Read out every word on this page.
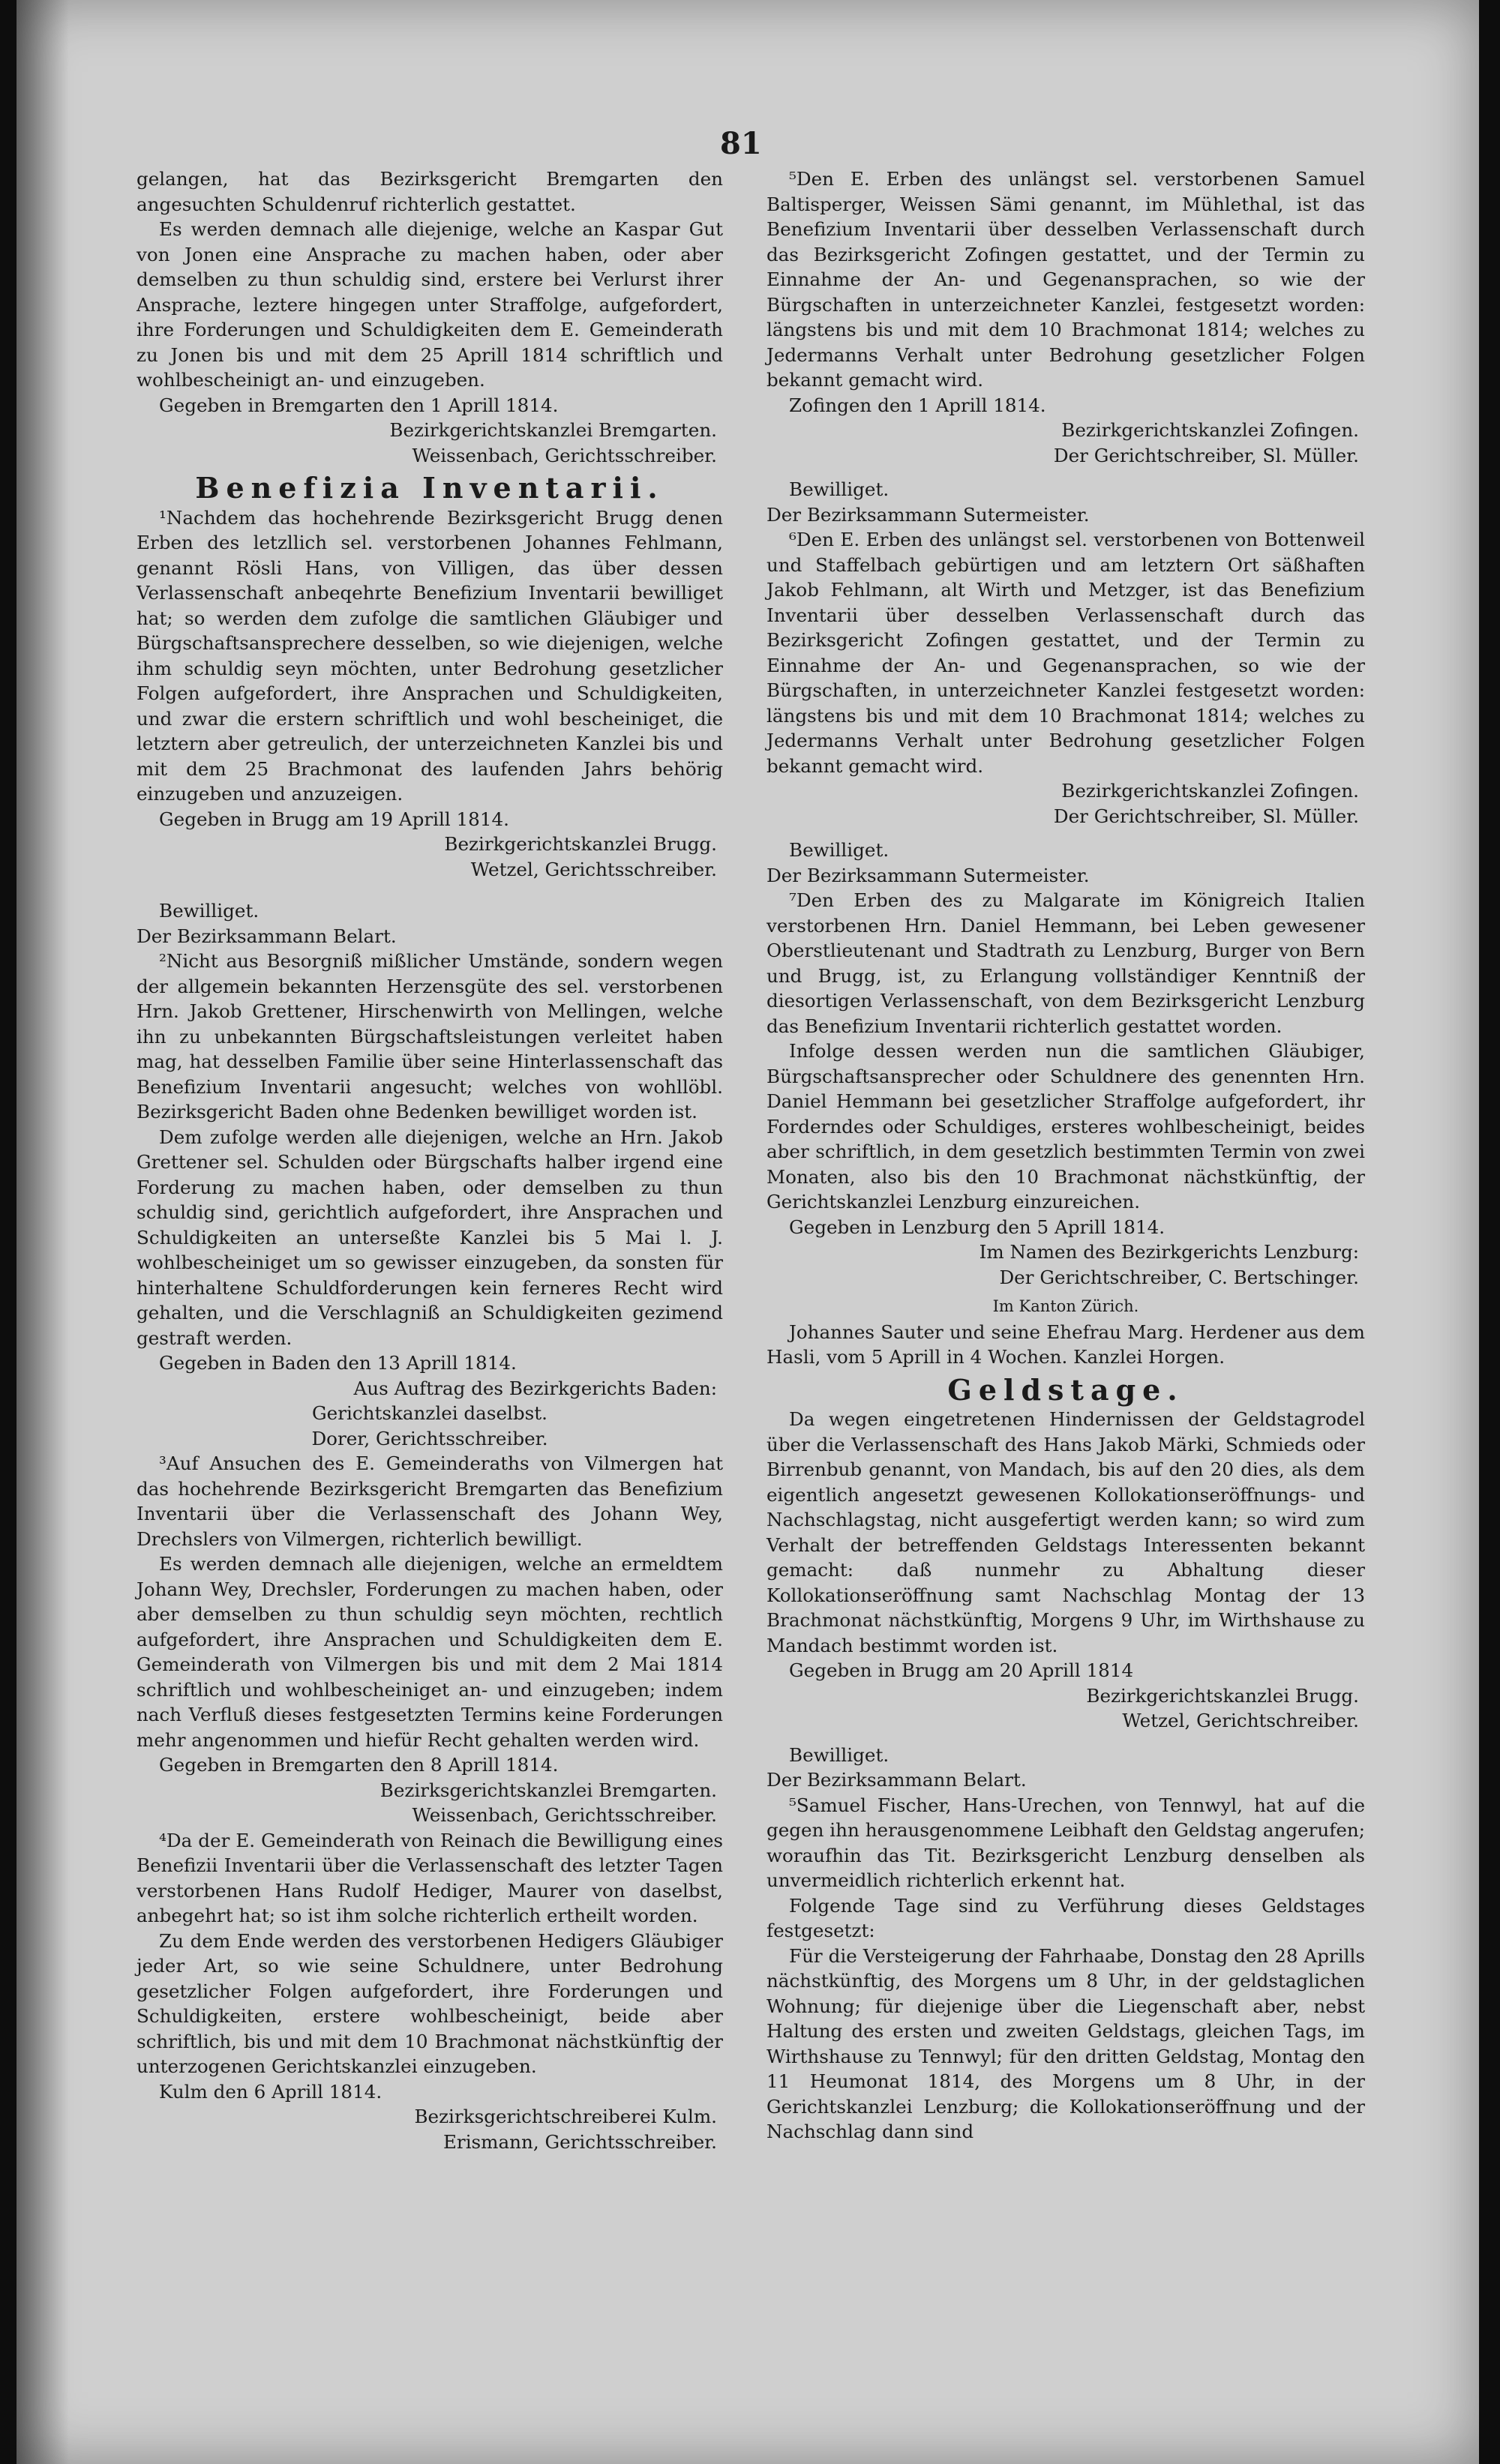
81

gelangen, hat das Bezirksgericht Bremgarten den angesuchten Schuldenruf richterlich gestattet.

Es werden demnach alle diejenige, welche an Kaspar Gut von Jonen eine Ansprache zu machen haben, oder aber demselben zu thun schuldig sind, erstere bei Verlurst ihrer Ansprache, leztere hingegen unter Straffolge, aufgefordert, ihre Forderungen und Schuldigkeiten dem E. Gemeinderath zu Jonen bis und mit dem 25 Aprill 1814 schriftlich und wohlbescheinigt an- und einzugeben.

Gegeben in Bremgarten den 1 Aprill 1814.

Bezirkgerichtskanzlei Bremgarten.

Weissenbach, Gerichtsschreiber.

Benefizia Inventarii.

¹Nachdem das hochehrende Bezirksgericht Brugg denen Erben des letzllich sel. verstorbenen Johannes Fehlmann, genannt Rösli Hans, von Villigen, das über dessen Verlassenschaft anbeqehrte Benefizium Inventarii bewilliget hat; so werden dem zufolge die samtlichen Gläubiger und Bürgschaftsansprechere desselben, so wie diejenigen, welche ihm schuldig seyn möchten, unter Bedrohung gesetzlicher Folgen aufgefordert, ihre Ansprachen und Schuldigkeiten, und zwar die erstern schriftlich und wohl bescheiniget, die letztern aber getreulich, der unterzeichneten Kanzlei bis und mit dem 25 Brachmonat des laufenden Jahrs behörig einzugeben und anzuzeigen.

Gegeben in Brugg am 19 Aprill 1814.

Bezirkgerichtskanzlei Brugg.

Wetzel, Gerichtsschreiber.

Bewilliget.

Der Bezirksammann Belart.

²Nicht aus Besorgniß mißlicher Umstände, sondern wegen der allgemein bekannten Herzensgüte des sel. verstorbenen Hrn. Jakob Grettener, Hirschenwirth von Mellingen, welche ihn zu unbekannten Bürgschaftsleistungen verleitet haben mag, hat desselben Familie über seine Hinterlassenschaft das Benefizium Inventarii angesucht; welches von wohllöbl. Bezirksgericht Baden ohne Bedenken bewilliget worden ist.

Dem zufolge werden alle diejenigen, welche an Hrn. Jakob Grettener sel. Schulden oder Bürgschafts halber irgend eine Forderung zu machen haben, oder demselben zu thun schuldig sind, gerichtlich aufgefordert, ihre Ansprachen und Schuldigkeiten an unterseßte Kanzlei bis 5 Mai l. J. wohlbescheiniget um so gewisser einzugeben, da sonsten für hinterhaltene Schuldforderungen kein ferneres Recht wird gehalten, und die Verschlagniß an Schuldigkeiten gezimend gestraft werden.

Gegeben in Baden den 13 Aprill 1814.

Aus Auftrag des Bezirkgerichts Baden:

Gerichtskanzlei daselbst.

Dorer, Gerichtsschreiber.

³Auf Ansuchen des E. Gemeinderaths von Vilmergen hat das hochehrende Bezirksgericht Bremgarten das Benefizium Inventarii über die Verlassenschaft des Johann Wey, Drechslers von Vilmergen, richterlich bewilligt.

Es werden demnach alle diejenigen, welche an ermeldtem Johann Wey, Drechsler, Forderungen zu machen haben, oder aber demselben zu thun schuldig seyn möchten, rechtlich aufgefordert, ihre Ansprachen und Schuldigkeiten dem E. Gemeinderath von Vilmergen bis und mit dem 2 Mai 1814 schriftlich und wohlbescheiniget an- und einzugeben; indem nach Verfluß dieses festgesetzten Termins keine Forderungen mehr angenommen und hiefür Recht gehalten werden wird.

Gegeben in Bremgarten den 8 Aprill 1814.

Bezirksgerichtskanzlei Bremgarten.

Weissenbach, Gerichtsschreiber.

⁴Da der E. Gemeinderath von Reinach die Bewilligung eines Benefizii Inventarii über die Verlassenschaft des letzter Tagen verstorbenen Hans Rudolf Hediger, Maurer von daselbst, anbegehrt hat; so ist ihm solche richterlich ertheilt worden.

Zu dem Ende werden des verstorbenen Hedigers Gläubiger jeder Art, so wie seine Schuldnere, unter Bedrohung gesetzlicher Folgen aufgefordert, ihre Forderungen und Schuldigkeiten, erstere wohlbescheinigt, beide aber schriftlich, bis und mit dem 10 Brachmonat nächstkünftig der unterzogenen Gerichtskanzlei einzugeben.

Kulm den 6 Aprill 1814.

Bezirksgerichtschreiberei Kulm.

Erismann, Gerichtsschreiber.

⁵Den E. Erben des unlängst sel. verstorbenen Samuel Baltisperger, Weissen Sämi genannt, im Mühlethal, ist das Benefizium Inventarii über desselben Verlassenschaft durch das Bezirksgericht Zofingen gestattet, und der Termin zu Einnahme der An- und Gegenansprachen, so wie der Bürgschaften in unterzeichneter Kanzlei, festgesetzt worden: längstens bis und mit dem 10 Brachmonat 1814; welches zu Jedermanns Verhalt unter Bedrohung gesetzlicher Folgen bekannt gemacht wird.

Zofingen den 1 Aprill 1814.

Bezirkgerichtskanzlei Zofingen.

Der Gerichtschreiber, Sl. Müller.

Bewilliget.

Der Bezirksammann Sutermeister.

⁶Den E. Erben des unlängst sel. verstorbenen von Bottenweil und Staffelbach gebürtigen und am letztern Ort säßhaften Jakob Fehlmann, alt Wirth und Metzger, ist das Benefizium Inventarii über desselben Verlassenschaft durch das Bezirksgericht Zofingen gestattet, und der Termin zu Einnahme der An- und Gegenansprachen, so wie der Bürgschaften, in unterzeichneter Kanzlei festgesetzt worden: längstens bis und mit dem 10 Brachmonat 1814; welches zu Jedermanns Verhalt unter Bedrohung gesetzlicher Folgen bekannt gemacht wird.

Bezirkgerichtskanzlei Zofingen.

Der Gerichtschreiber, Sl. Müller.

Bewilliget.

Der Bezirksammann Sutermeister.

⁷Den Erben des zu Malgarate im Königreich Italien verstorbenen Hrn. Daniel Hemmann, bei Leben gewesener Oberstlieutenant und Stadtrath zu Lenzburg, Burger von Bern und Brugg, ist, zu Erlangung vollständiger Kenntniß der diesortigen Verlassenschaft, von dem Bezirksgericht Lenzburg das Benefizium Inventarii richterlich gestattet worden.

Infolge dessen werden nun die samtlichen Gläubiger, Bürgschaftsansprecher oder Schuldnere des genennten Hrn. Daniel Hemmann bei gesetzlicher Straffolge aufgefordert, ihr Forderndes oder Schuldiges, ersteres wohlbescheinigt, beides aber schriftlich, in dem gesetzlich bestimmten Termin von zwei Monaten, also bis den 10 Brachmonat nächstkünftig, der Gerichtskanzlei Lenzburg einzureichen.

Gegeben in Lenzburg den 5 Aprill 1814.

Im Namen des Bezirkgerichts Lenzburg:

Der Gerichtschreiber, C. Bertschinger.

Im Kanton Zürich.

Johannes Sauter und seine Ehefrau Marg. Herdener aus dem Hasli, vom 5 Aprill in 4 Wochen. Kanzlei Horgen.

Geldstage.

Da wegen eingetretenen Hindernissen der Geldstagrodel über die Verlassenschaft des Hans Jakob Märki, Schmieds oder Birrenbub genannt, von Mandach, bis auf den 20 dies, als dem eigentlich angesetzt gewesenen Kollokationseröffnungs- und Nachschlagstag, nicht ausgefertigt werden kann; so wird zum Verhalt der betreffenden Geldstags Interessenten bekannt gemacht: daß nunmehr zu Abhaltung dieser Kollokationseröffnung samt Nachschlag Montag der 13 Brachmonat nächstkünftig, Morgens 9 Uhr, im Wirthshause zu Mandach bestimmt worden ist.

Gegeben in Brugg am 20 Aprill 1814

Bezirkgerichtskanzlei Brugg.

Wetzel, Gerichtschreiber.

Bewilliget.

Der Bezirksammann Belart.

⁵Samuel Fischer, Hans-Urechen, von Tennwyl, hat auf die gegen ihn herausgenommene Leibhaft den Geldstag angerufen; woraufhin das Tit. Bezirksgericht Lenzburg denselben als unvermeidlich richterlich erkennt hat.

Folgende Tage sind zu Verführung dieses Geldstages festgesetzt:

Für die Versteigerung der Fahrhaabe, Donstag den 28 Aprills nächstkünftig, des Morgens um 8 Uhr, in der geldstaglichen Wohnung; für diejenige über die Liegenschaft aber, nebst Haltung des ersten und zweiten Geldstags, gleichen Tags, im Wirthshause zu Tennwyl; für den dritten Geldstag, Montag den 11 Heumonat 1814, des Morgens um 8 Uhr, in der Gerichtskanzlei Lenzburg; die Kollokationseröffnung und der Nachschlag dann sind
